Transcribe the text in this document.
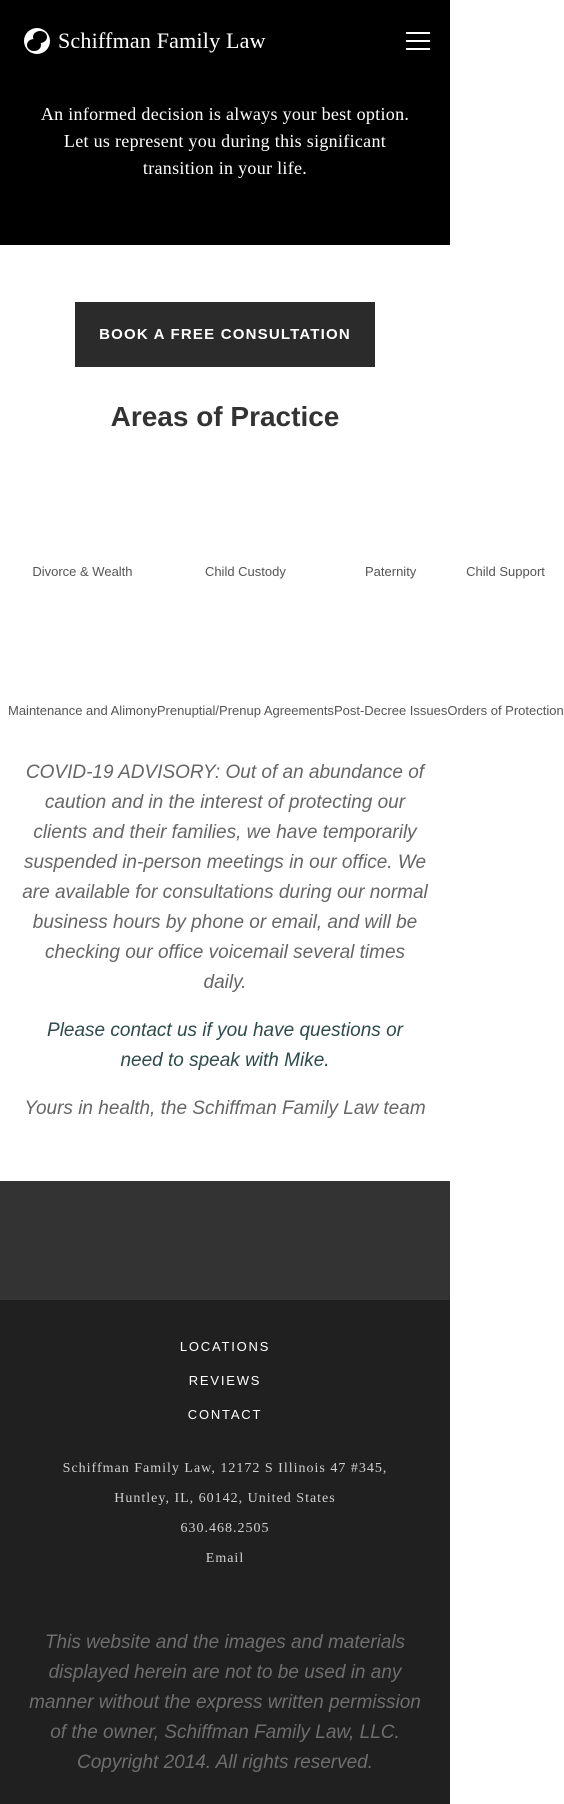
Schiffman Family Law

An informed decision is always your best option. Let us represent you during this significant transition in your life.

BOOK A FREE CONSULTATION
Areas of Practice
Divorce & Wealth	Child Custody	Paternity	Child Support
Maintenance and Alimony Prenuptial/Prenup Agreements Post-Decree Issues Orders of Protection

COVID-19 ADVISORY: Out of an abundance of caution and in the interest of protecting our clients and their families, we have temporarily suspended in-person meetings in our office. We are available for consultations during our normal business hours by phone or email, and will be checking our office voicemail several times daily.

Please contact us if you have questions or need to speak with Mike.

Yours in health, the Schiffman Family Law team

LOCATIONS
REVIEWS
CONTACT
Schiffman Family Law, 12172 S Illinois 47 #345,
Huntley, IL, 60142, United States
630.468.2505
Email

This website and the images and materials displayed herein are not to be used in any manner without the express written permission of the owner, Schiffman Family Law, LLC. Copyright 2014. All rights reserved.
